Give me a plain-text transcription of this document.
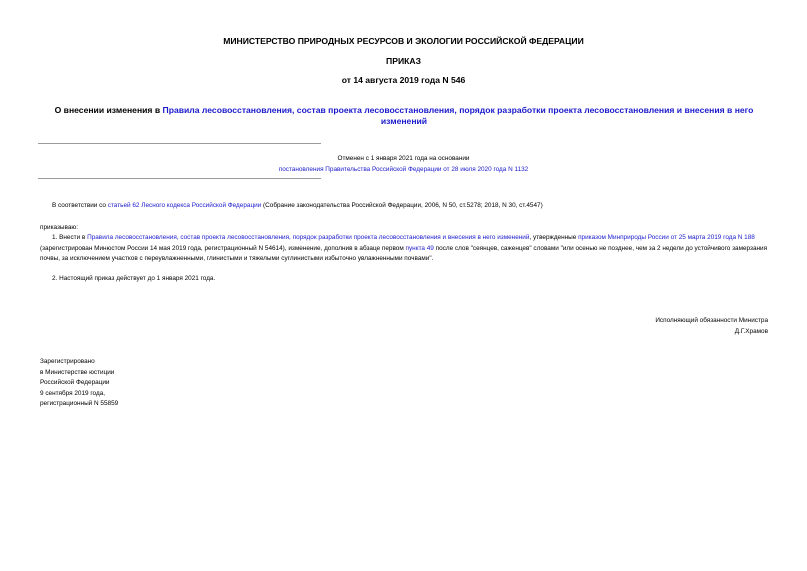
МИНИСТЕРСТВО ПРИРОДНЫХ РЕСУРСОВ И ЭКОЛОГИИ РОССИЙСКОЙ ФЕДЕРАЦИИ
ПРИКАЗ
от 14 августа 2019 года N 546
О внесении изменения в Правила лесовосстановления, состав проекта лесовосстановления, порядок разработки проекта лесовосстановления и внесения в него изменений
Отменен с 1 января 2021 года на основании
постановления Правительства Российской Федерации от 28 июля 2020 года N 1132
В соответствии со статьей 62 Лесного кодекса Российской Федерации (Собрание законодательства Российской Федерации, 2006, N 50, ст.5278; 2018, N 30, ст.4547)
приказываю:
1. Внести в Правила лесовосстановления, состав проекта лесовосстановления, порядок разработки проекта лесовосстановления и внесения в него изменений, утвержденные приказом Минприроды России от 25 марта 2019 года N 188 (зарегистрирован Минюстом России 14 мая 2019 года, регистрационный N 54614), изменение, дополнив в абзаце первом пункта 49 после слов "сеянцев, саженцев" словами "или осенью не позднее, чем за 2 недели до устойчивого замерзания почвы, за исключением участков с переувлажненными, глинистыми и тяжелыми суглинистыми избыточно увлажненными почвами".
2. Настоящий приказ действует до 1 января 2021 года.
Исполняющий обязанности Министра
Д.Г.Храмов
Зарегистрировано
в Министерстве юстиции
Российской Федерации
9 сентября 2019 года,
регистрационный N 55859
